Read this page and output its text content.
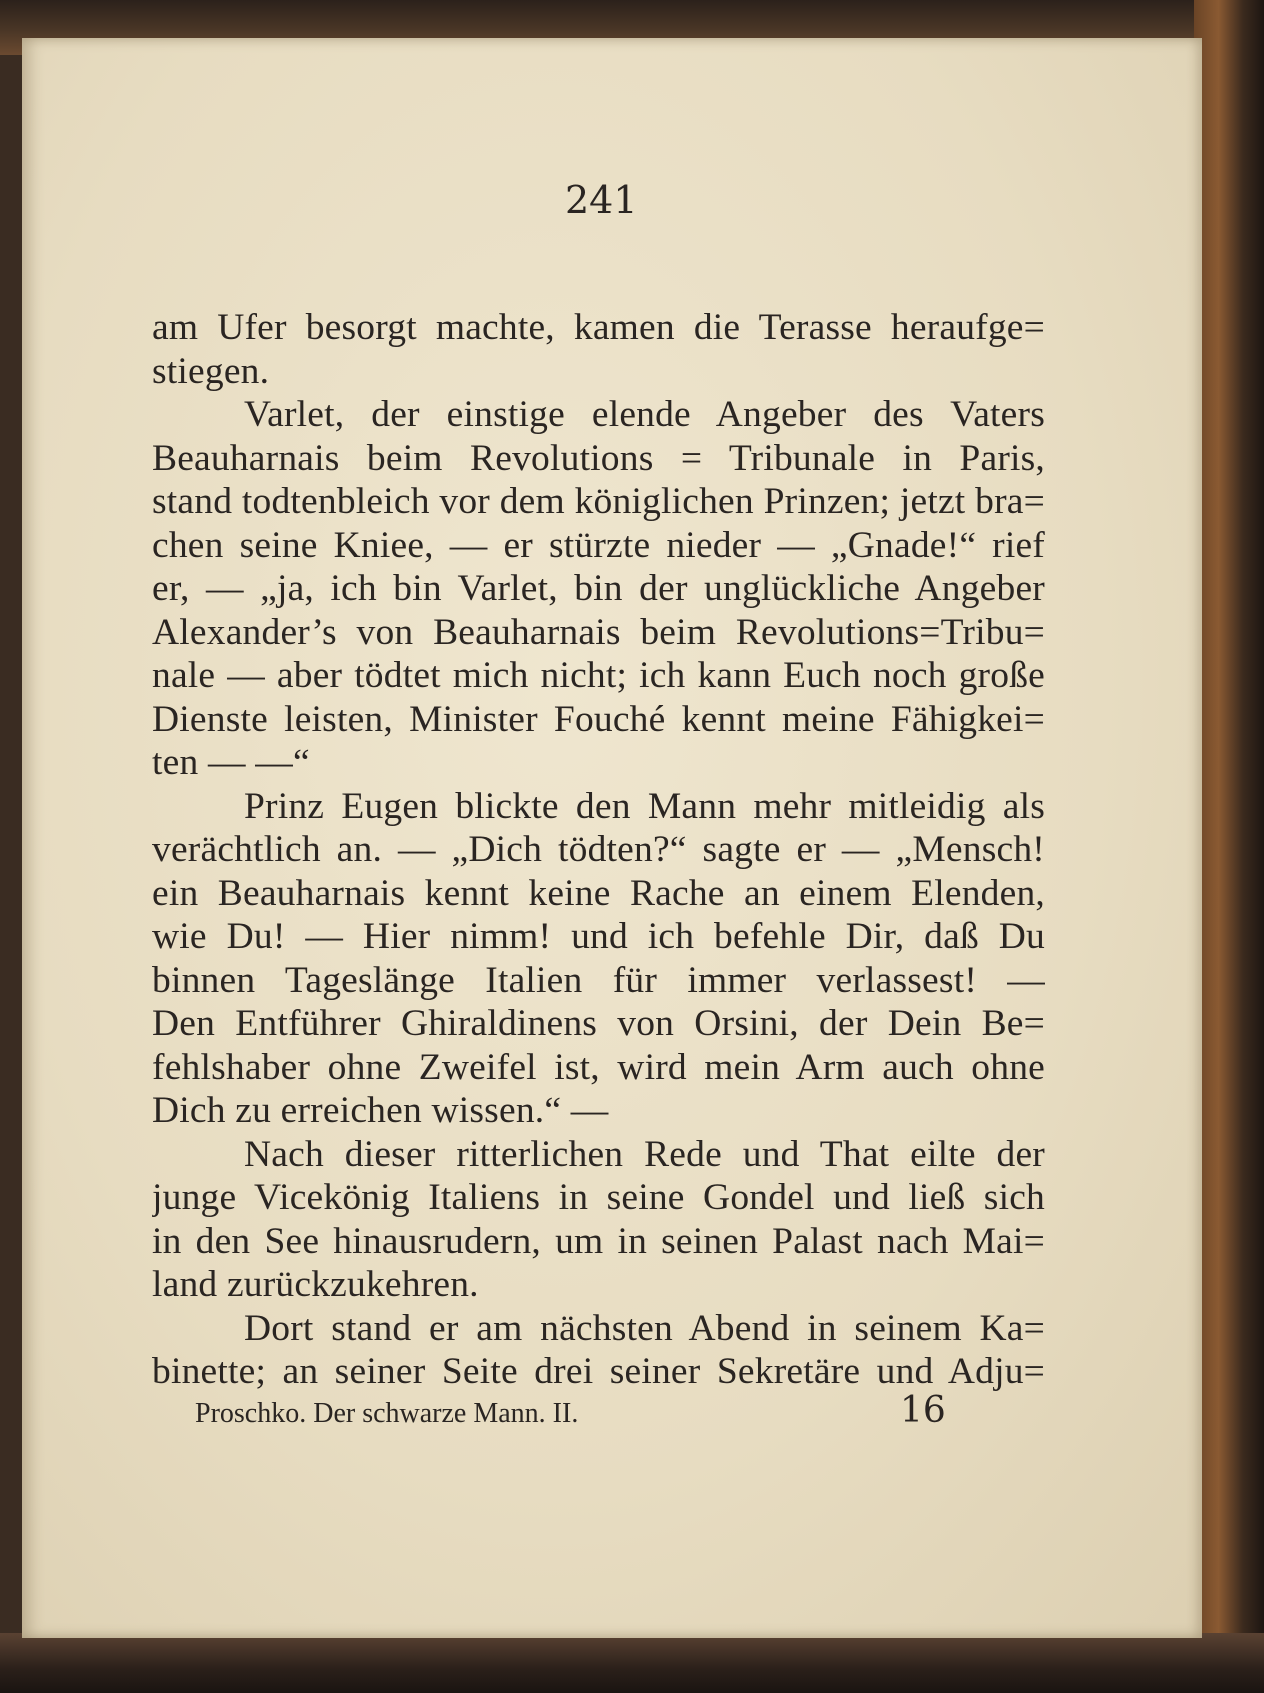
241
am Ufer besorgt machte, kamen die Terasse heraufge=
stiegen.
Varlet, der einstige elende Angeber des Vaters
Beauharnais beim Revolutions = Tribunale in Paris,
stand todtenbleich vor dem königlichen Prinzen; jetzt bra=
chen seine Kniee, — er stürzte nieder — „Gnade!“ rief
er, — „ja, ich bin Varlet, bin der unglückliche Angeber
Alexander’s von Beauharnais beim Revolutions=Tribu=
nale — aber tödtet mich nicht; ich kann Euch noch große
Dienste leisten, Minister Fouché kennt meine Fähigkei=
ten — —“
Prinz Eugen blickte den Mann mehr mitleidig als
verächtlich an. — „Dich tödten?“ sagte er — „Mensch!
ein Beauharnais kennt keine Rache an einem Elenden,
wie Du! — Hier nimm! und ich befehle Dir, daß Du
binnen Tageslänge Italien für immer verlassest! —
Den Entführer Ghiraldinens von Orsini, der Dein Be=
fehlshaber ohne Zweifel ist, wird mein Arm auch ohne
Dich zu erreichen wissen.“ —
Nach dieser ritterlichen Rede und That eilte der
junge Vicekönig Italiens in seine Gondel und ließ sich
in den See hinausrudern, um in seinen Palast nach Mai=
land zurückzukehren.
Dort stand er am nächsten Abend in seinem Ka=
binette; an seiner Seite drei seiner Sekretäre und Adju=
Proschko. Der schwarze Mann. II.	16
